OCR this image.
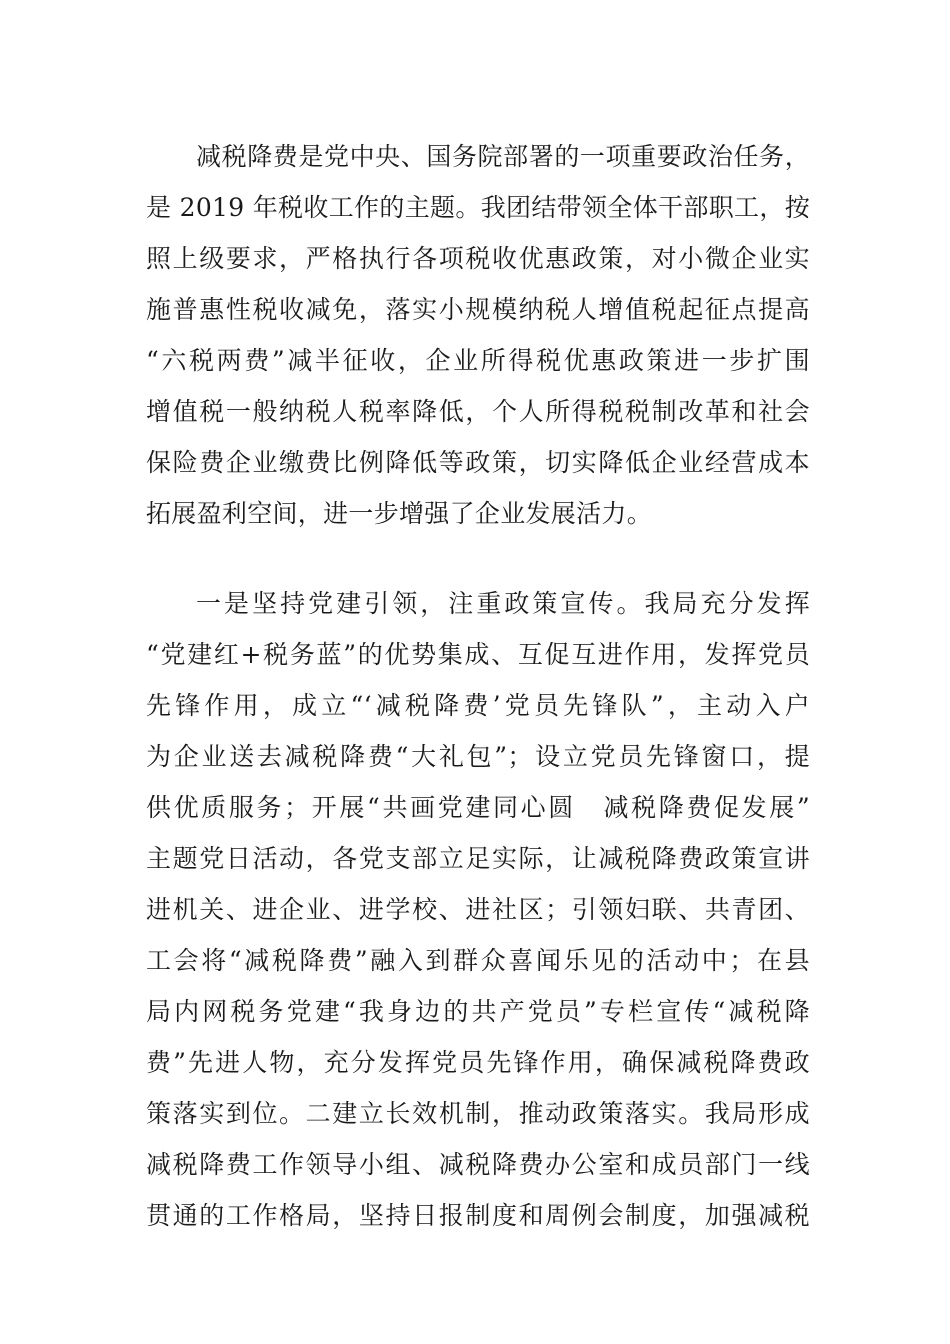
减税降费是党中央、国务院部署的一项重要政治任务，
是 2019 年税收工作的主题。我团结带领全体干部职工，按
照上级要求，严格执行各项税收优惠政策，对小微企业实
施普惠性税收减免，落实小规模纳税人增值税起征点提高
“六税两费”减半征收，企业所得税优惠政策进一步扩围
增值税一般纳税人税率降低，个人所得税税制改革和社会
保险费企业缴费比例降低等政策，切实降低企业经营成本
拓展盈利空间，进一步增强了企业发展活力。
一是坚持党建引领，注重政策宣传。我局充分发挥
“党建红+税务蓝”的优势集成、互促互进作用，发挥党员
先锋作用，成立“‘减税降费’党员先锋队”，主动入户
为企业送去减税降费“大礼包”；设立党员先锋窗口，提
供优质服务；开展“共画党建同心圆　减税降费促发展”
主题党日活动，各党支部立足实际，让减税降费政策宣讲
进机关、进企业、进学校、进社区；引领妇联、共青团、
工会将“减税降费”融入到群众喜闻乐见的活动中；在县
局内网税务党建“我身边的共产党员”专栏宣传“减税降
费”先进人物，充分发挥党员先锋作用，确保减税降费政
策落实到位。二建立长效机制，推动政策落实。我局形成
减税降费工作领导小组、减税降费办公室和成员部门一线
贯通的工作格局，坚持日报制度和周例会制度，加强减税
